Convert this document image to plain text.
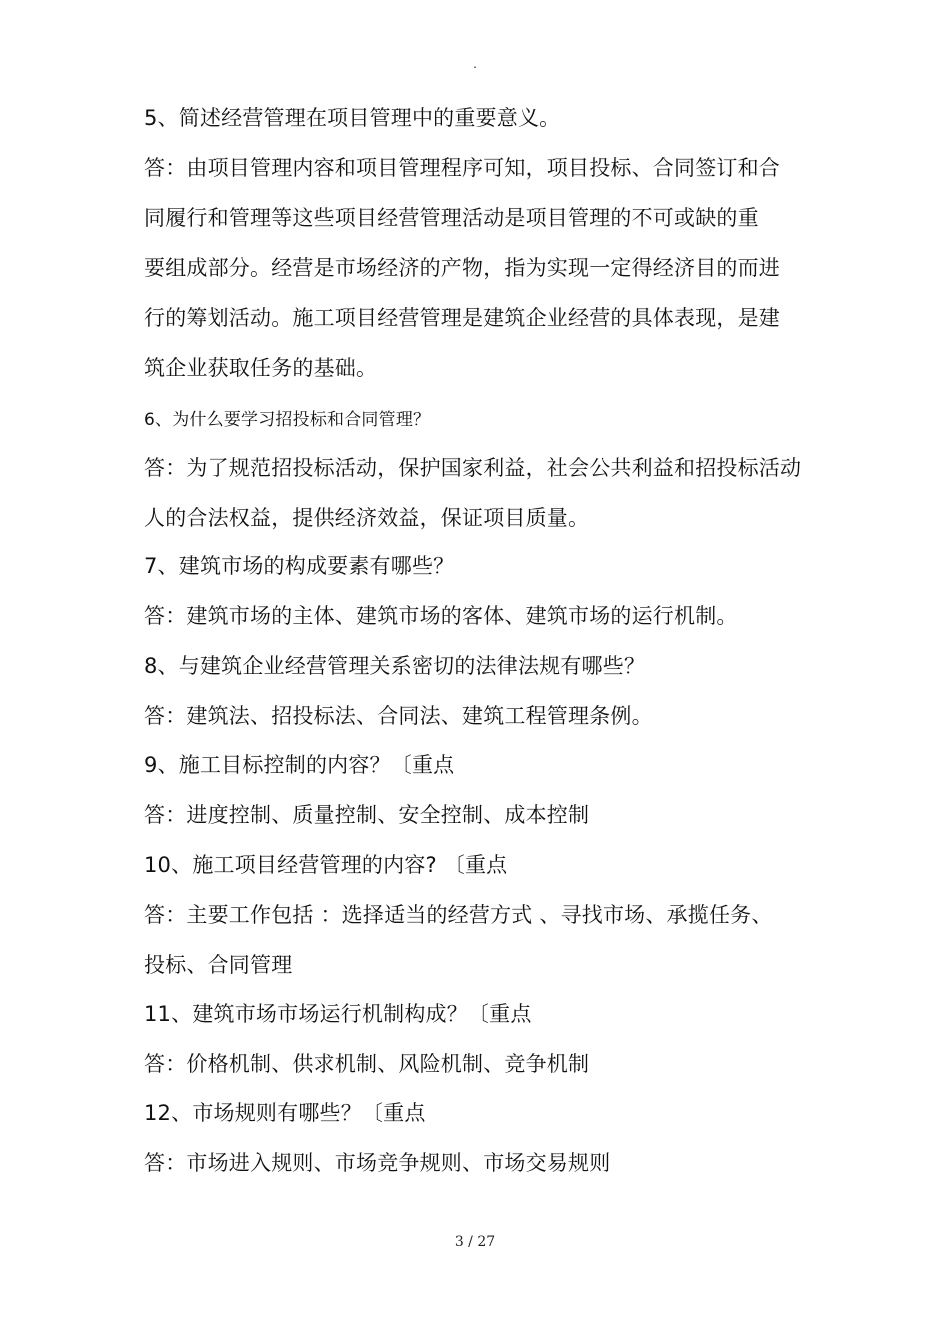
.
5、简述经营管理在项目管理中的重要意义。
答：由项目管理内容和项目管理程序可知，项目投标、合同签订和合
同履行和管理等这些项目经营管理活动是项目管理的不可或缺的重
要组成部分。经营是市场经济的产物，指为实现一定得经济目的而进
行的筹划活动。施工项目经营管理是建筑企业经营的具体表现，是建
筑企业获取任务的基础。
6、为什么要学习招投标和合同管理？
答：为了规范招投标活动，保护国家利益，社会公共利益和招投标活动
人的合法权益，提供经济效益，保证项目质量。
7、建筑市场的构成要素有哪些？
答：建筑市场的主体、建筑市场的客体、建筑市场的运行机制。
8、与建筑企业经营管理关系密切的法律法规有哪些？
答：建筑法、招投标法、合同法、建筑工程管理条例。
9、施工目标控制的内容？〔重点
答：进度控制、质量控制、安全控制、成本控制
10、施工项目经营管理的内容? 〔重点
答：主要工作包括 ：选择适当的经营方式 、寻找市场、承揽任务、
投标、合同管理
11、建筑市场市场运行机制构成？〔重点
答：价格机制、供求机制、风险机制、竞争机制
12、市场规则有哪些？〔重点
答：市场进入规则、市场竞争规则、市场交易规则
3 / 27
